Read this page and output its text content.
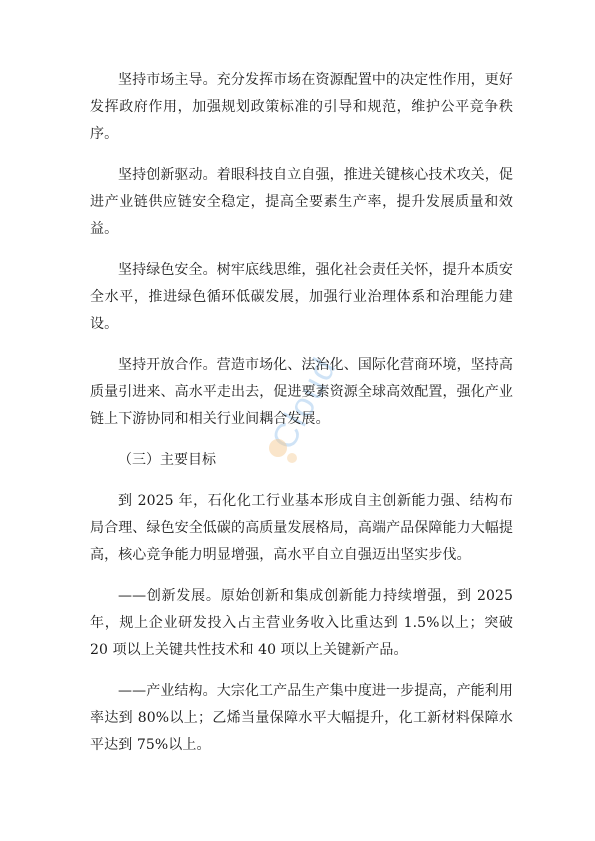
Cloud

坚持市场主导。充分发挥市场在资源配置中的决定性作用，更好发挥政府作用，加强规划政策标准的引导和规范，维护公平竞争秩序。

坚持创新驱动。着眼科技自立自强，推进关键核心技术攻关，促进产业链供应链安全稳定，提高全要素生产率，提升发展质量和效益。

坚持绿色安全。树牢底线思维，强化社会责任关怀，提升本质安全水平，推进绿色循环低碳发展，加强行业治理体系和治理能力建设。

坚持开放合作。营造市场化、法治化、国际化营商环境，坚持高质量引进来、高水平走出去，促进要素资源全球高效配置，强化产业链上下游协同和相关行业间耦合发展。

（三）主要目标

到 2025 年，石化化工行业基本形成自主创新能力强、结构布局合理、绿色安全低碳的高质量发展格局，高端产品保障能力大幅提高，核心竞争能力明显增强，高水平自立自强迈出坚实步伐。

——创新发展。原始创新和集成创新能力持续增强，到 2025 年，规上企业研发投入占主营业务收入比重达到 1.5%以上；突破 20 项以上关键共性技术和 40 项以上关键新产品。

——产业结构。大宗化工产品生产集中度进一步提高，产能利用率达到 80%以上；乙烯当量保障水平大幅提升，化工新材料保障水平达到 75%以上。
